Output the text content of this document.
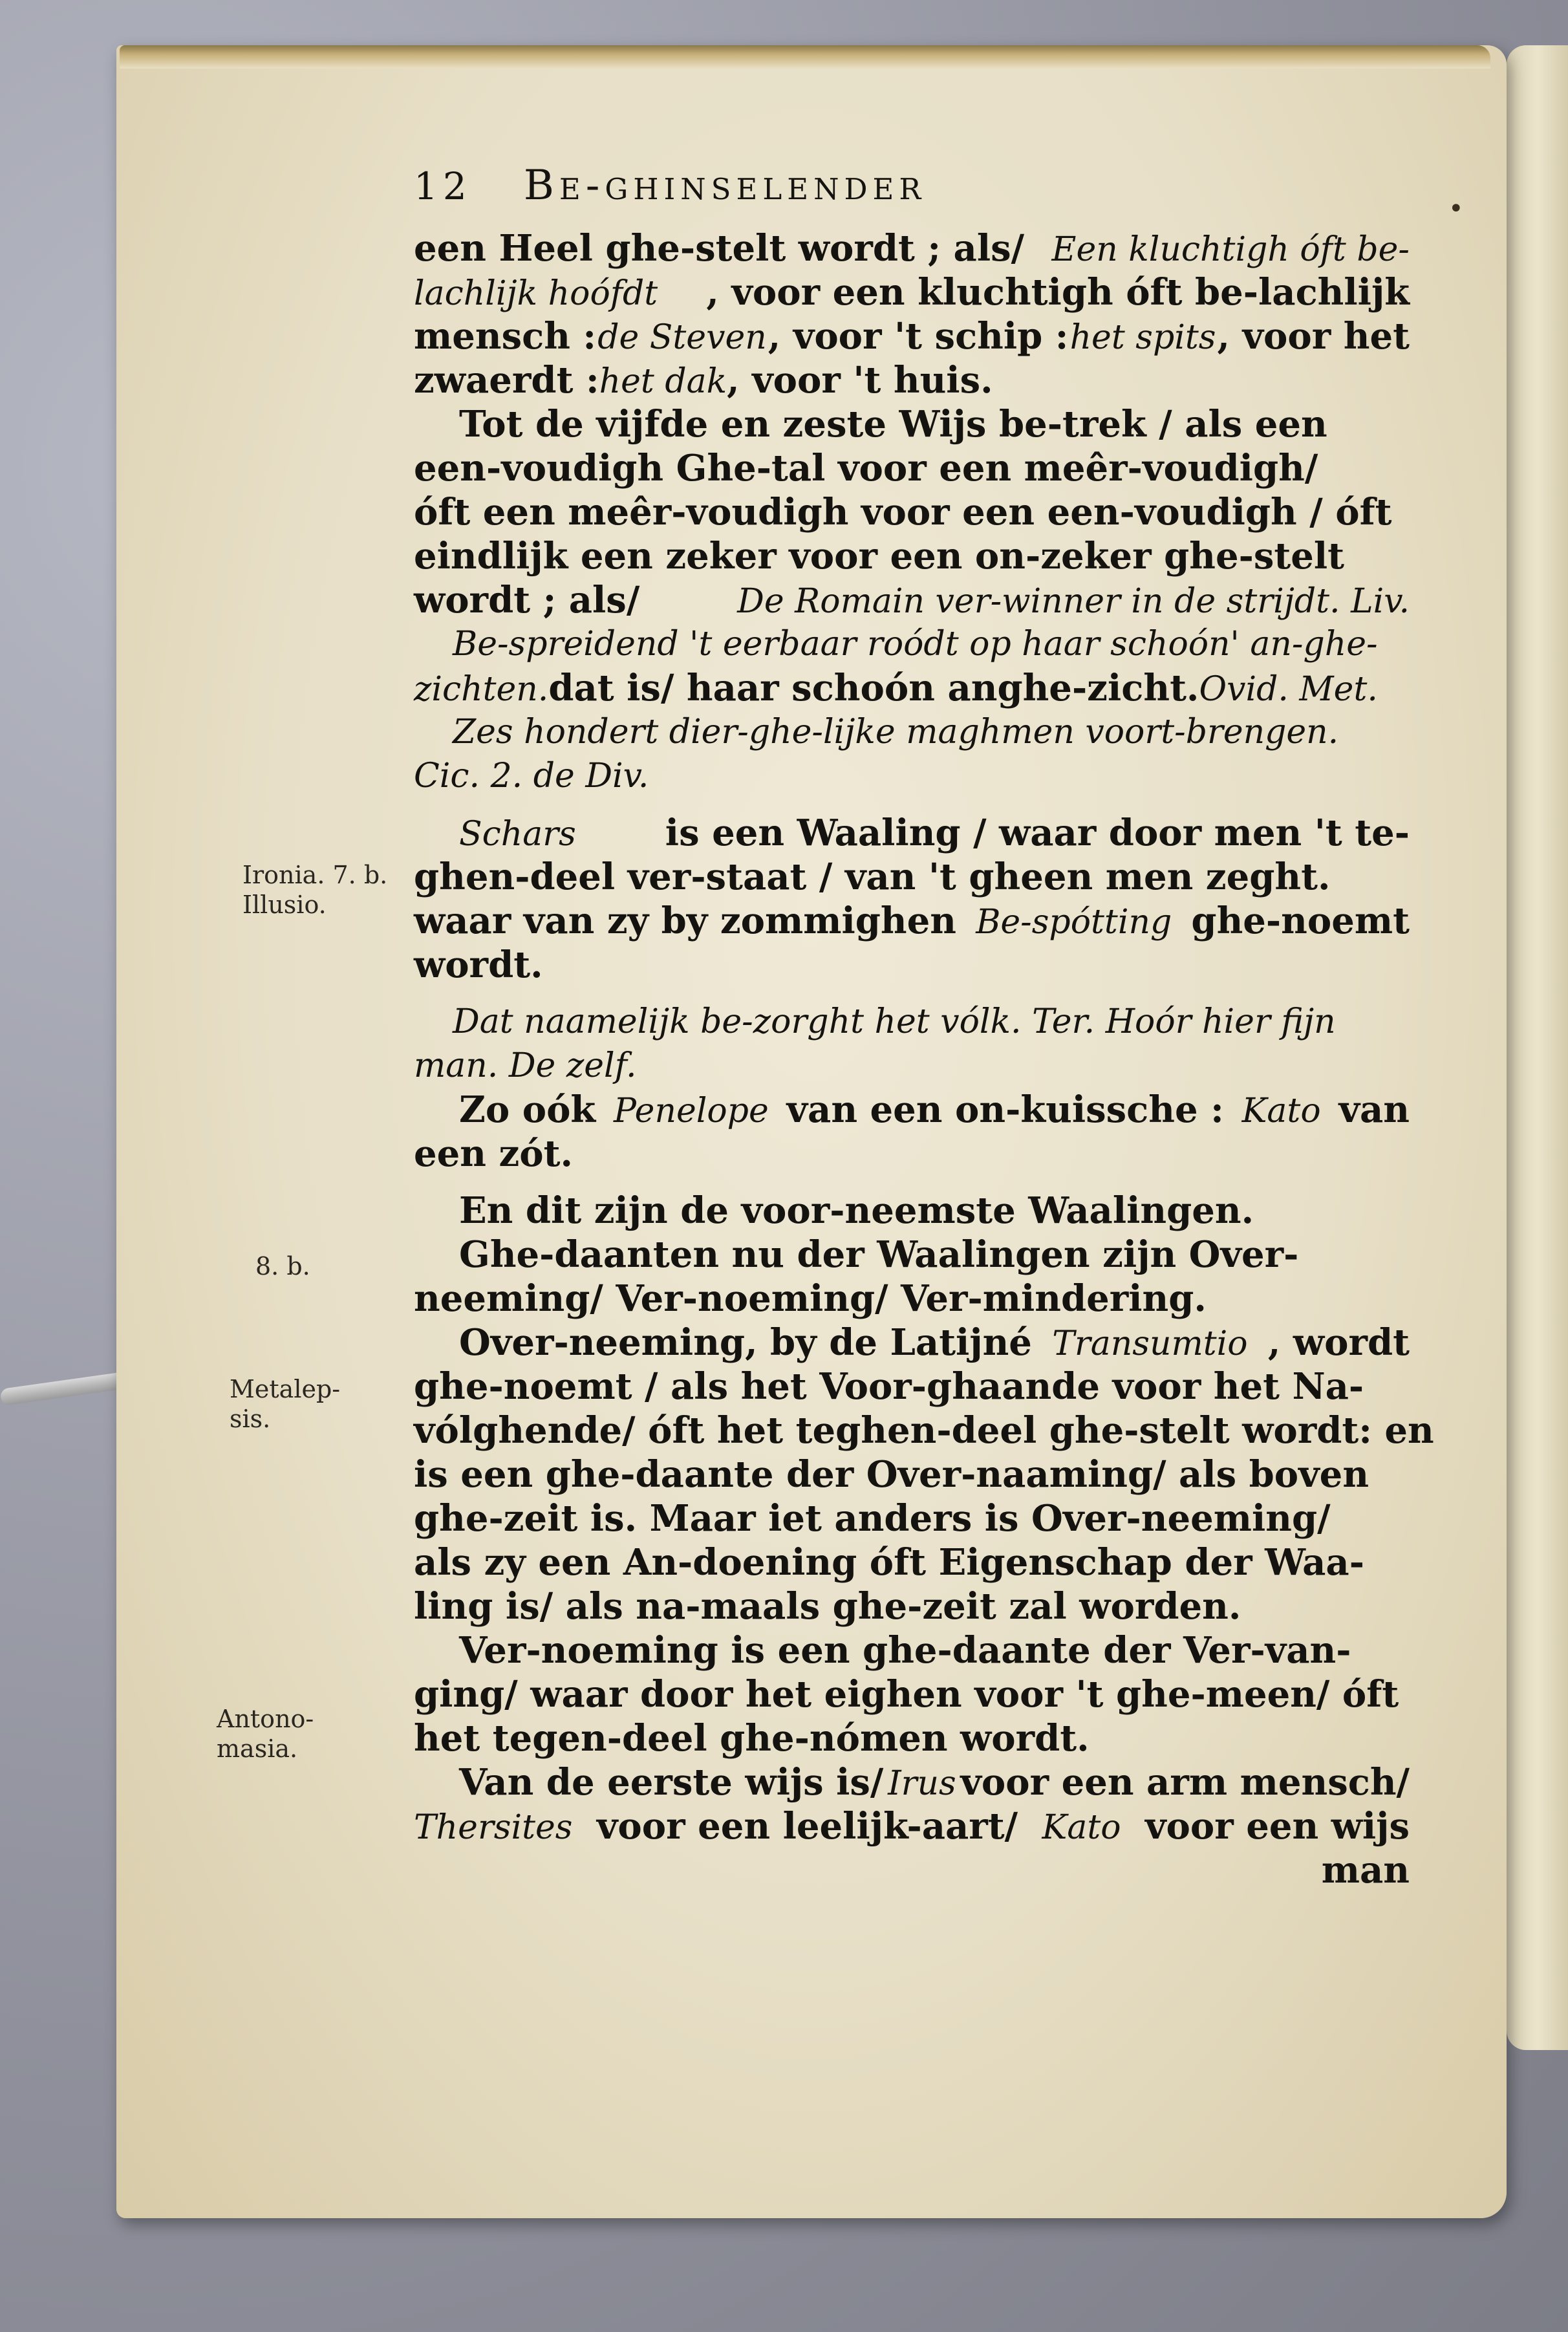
•
12 Be-ghinselender
een Heel ghe-stelt wordt ; als/ Een kluchtigh óft be-
lachlijk hoófdt , voor een kluchtigh óft be-lachlijk
mensch : de Steven , voor 't schip : het spits , voor het
zwaerdt : het dak , voor 't huis.
Tot de vijfde en zeste Wijs be-trek / als een
een-voudigh Ghe-tal voor een meêr-voudigh/
óft een meêr-voudigh voor een een-voudigh / óft
eindlijk een zeker voor een on-zeker ghe-stelt
wordt ; als/	De Romain ver-winner in de strijdt. Liv.
Be-spreidend 't eerbaar roódt op haar schoón' an-ghe-
zichten. dat is/ haar schoón anghe-zicht. Ovid. Met.
Zes hondert dier-ghe-lijke maghmen voort-brengen.
Cic. 2. de Div.
Schars is een Waaling / waar door men 't te-
ghen-deel ver-staat / van 't gheen men zeght.
waar van zy by zommighen Be-spótting ghe-noemt
wordt.
Dat naamelijk be-zorght het vólk. Ter. Hoór hier fijn
man. De zelf.
Zo oók Penelope van een on-kuissche : Kato van
een zót.
En dit zijn de voor-neemste Waalingen.
Ghe-daanten nu der Waalingen zijn Over-
neeming/ Ver-noeming/ Ver-mindering.
Over-neeming, by de Latijné Transumtio , wordt
ghe-noemt / als het Voor-ghaande voor het Na-
vólghende/ óft het teghen-deel ghe-stelt wordt: en
is een ghe-daante der Over-naaming/ als boven
ghe-zeit is. Maar iet anders is Over-neeming/
als zy een An-doening óft Eigenschap der Waa-
ling is/ als na-maals ghe-zeit zal worden.
Ver-noeming is een ghe-daante der Ver-van-
ging/ waar door het eighen voor 't ghe-meen/ óft
het tegen-deel ghe-nómen wordt.
Van de eerste wijs is/ Irus voor een arm mensch/
Thersites voor een leelijk-aart/ Kato voor een wijs
man
Ironia. 7. b.
Illusio.
8. b.
Metalep-
sis.
Antono-
masia.
